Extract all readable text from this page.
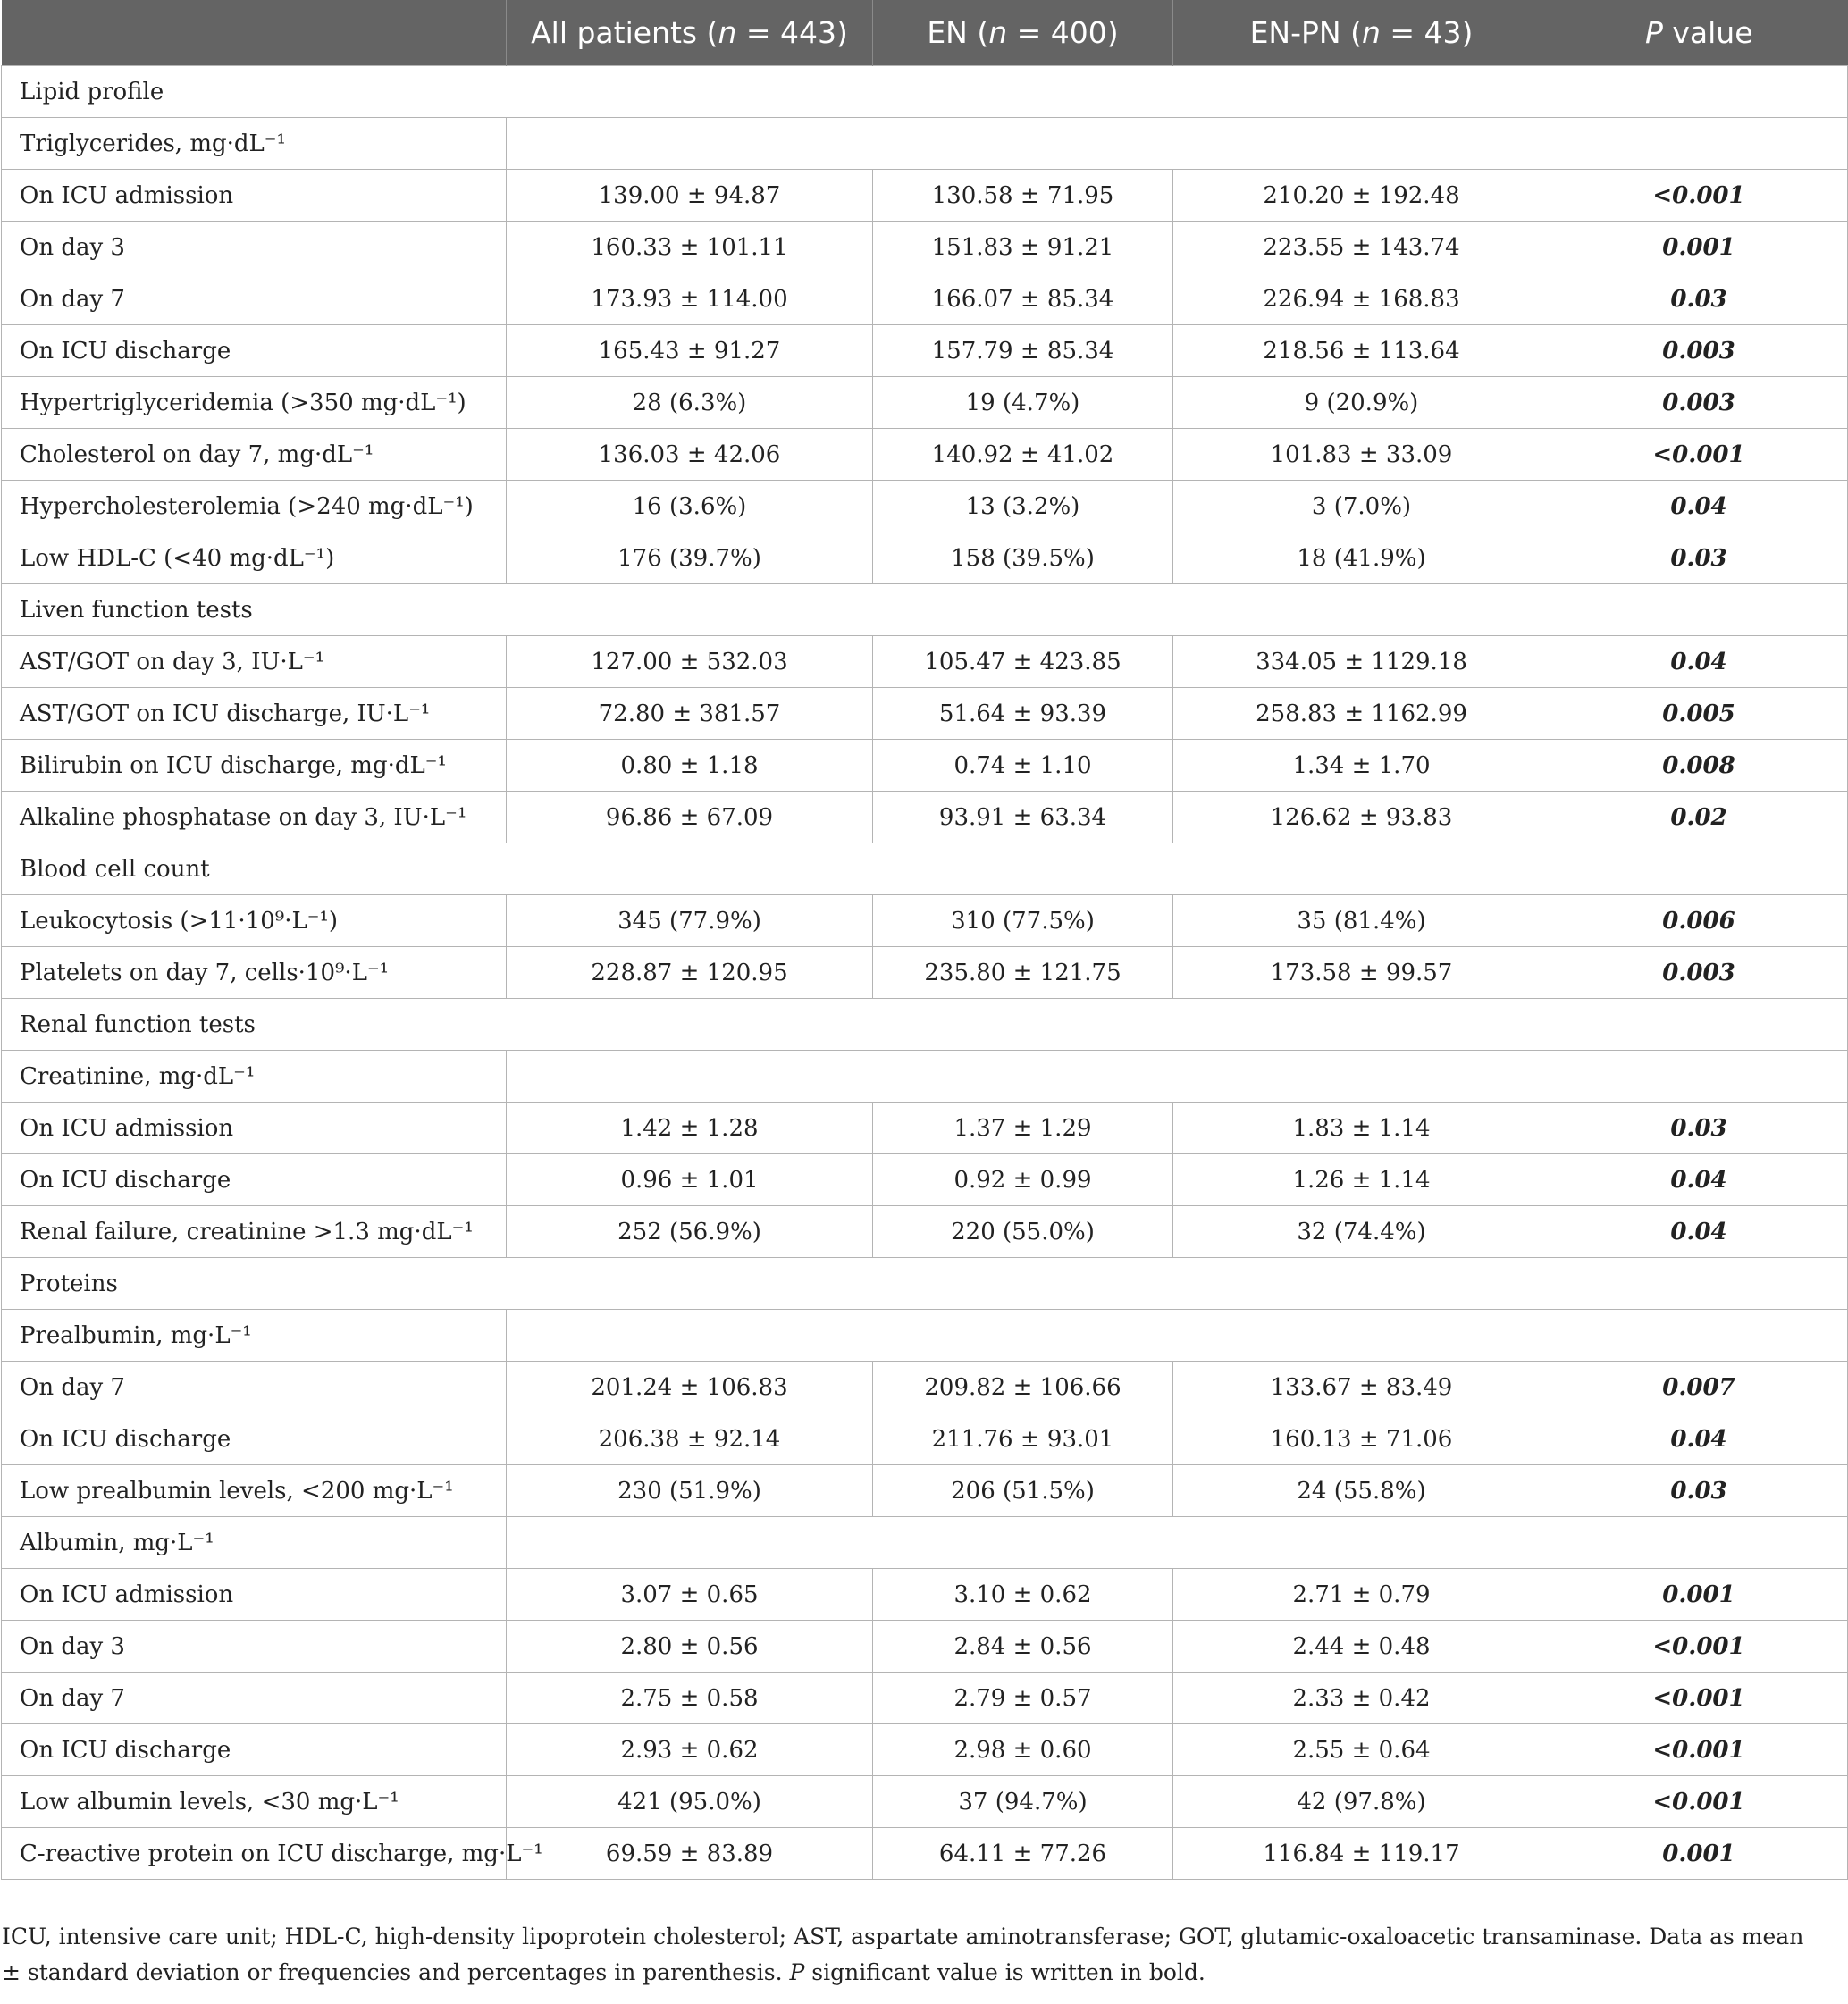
	All patients (n = 443)	EN (n = 400)	EN-PN (n = 43)	P value
Lipid profile				
Triglycerides, mg·dL⁻¹				
On ICU admission	139.00 ± 94.87	130.58 ± 71.95	210.20 ± 192.48	<0.001
On day 3	160.33 ± 101.11	151.83 ± 91.21	223.55 ± 143.74	0.001
On day 7	173.93 ± 114.00	166.07 ± 85.34	226.94 ± 168.83	0.03
On ICU discharge	165.43 ± 91.27	157.79 ± 85.34	218.56 ± 113.64	0.003
Hypertriglyceridemia (>350 mg·dL⁻¹)	28 (6.3%)	19 (4.7%)	9 (20.9%)	0.003
Cholesterol on day 7, mg·dL⁻¹	136.03 ± 42.06	140.92 ± 41.02	101.83 ± 33.09	<0.001
Hypercholesterolemia (>240 mg·dL⁻¹)	16 (3.6%)	13 (3.2%)	3 (7.0%)	0.04
Low HDL-C (<40 mg·dL⁻¹)	176 (39.7%)	158 (39.5%)	18 (41.9%)	0.03
Liven function tests				
AST/GOT on day 3, IU·L⁻¹	127.00 ± 532.03	105.47 ± 423.85	334.05 ± 1129.18	0.04
AST/GOT on ICU discharge, IU·L⁻¹	72.80 ± 381.57	51.64 ± 93.39	258.83 ± 1162.99	0.005
Bilirubin on ICU discharge, mg·dL⁻¹	0.80 ± 1.18	0.74 ± 1.10	1.34 ± 1.70	0.008
Alkaline phosphatase on day 3, IU·L⁻¹	96.86 ± 67.09	93.91 ± 63.34	126.62 ± 93.83	0.02
Blood cell count				
Leukocytosis (>11·10⁹·L⁻¹)	345 (77.9%)	310 (77.5%)	35 (81.4%)	0.006
Platelets on day 7, cells·10⁹·L⁻¹	228.87 ± 120.95	235.80 ± 121.75	173.58 ± 99.57	0.003
Renal function tests				
Creatinine, mg·dL⁻¹				
On ICU admission	1.42 ± 1.28	1.37 ± 1.29	1.83 ± 1.14	0.03
On ICU discharge	0.96 ± 1.01	0.92 ± 0.99	1.26 ± 1.14	0.04
Renal failure, creatinine >1.3 mg·dL⁻¹	252 (56.9%)	220 (55.0%)	32 (74.4%)	0.04
Proteins				
Prealbumin, mg·L⁻¹				
On day 7	201.24 ± 106.83	209.82 ± 106.66	133.67 ± 83.49	0.007
On ICU discharge	206.38 ± 92.14	211.76 ± 93.01	160.13 ± 71.06	0.04
Low prealbumin levels, <200 mg·L⁻¹	230 (51.9%)	206 (51.5%)	24 (55.8%)	0.03
Albumin, mg·L⁻¹				
On ICU admission	3.07 ± 0.65	3.10 ± 0.62	2.71 ± 0.79	0.001
On day 3	2.80 ± 0.56	2.84 ± 0.56	2.44 ± 0.48	<0.001
On day 7	2.75 ± 0.58	2.79 ± 0.57	2.33 ± 0.42	<0.001
On ICU discharge	2.93 ± 0.62	2.98 ± 0.60	2.55 ± 0.64	<0.001
Low albumin levels, <30 mg·L⁻¹	421 (95.0%)	37 (94.7%)	42 (97.8%)	<0.001
C-reactive protein on ICU discharge, mg·L⁻¹	69.59 ± 83.89	64.11 ± 77.26	116.84 ± 119.17	0.001
ICU, intensive care unit; HDL-C, high-density lipoprotein cholesterol; AST, aspartate aminotransferase; GOT, glutamic-oxaloacetic transaminase. Data as mean ± standard deviation or frequencies and percentages in parenthesis. P significant value is written in bold.
